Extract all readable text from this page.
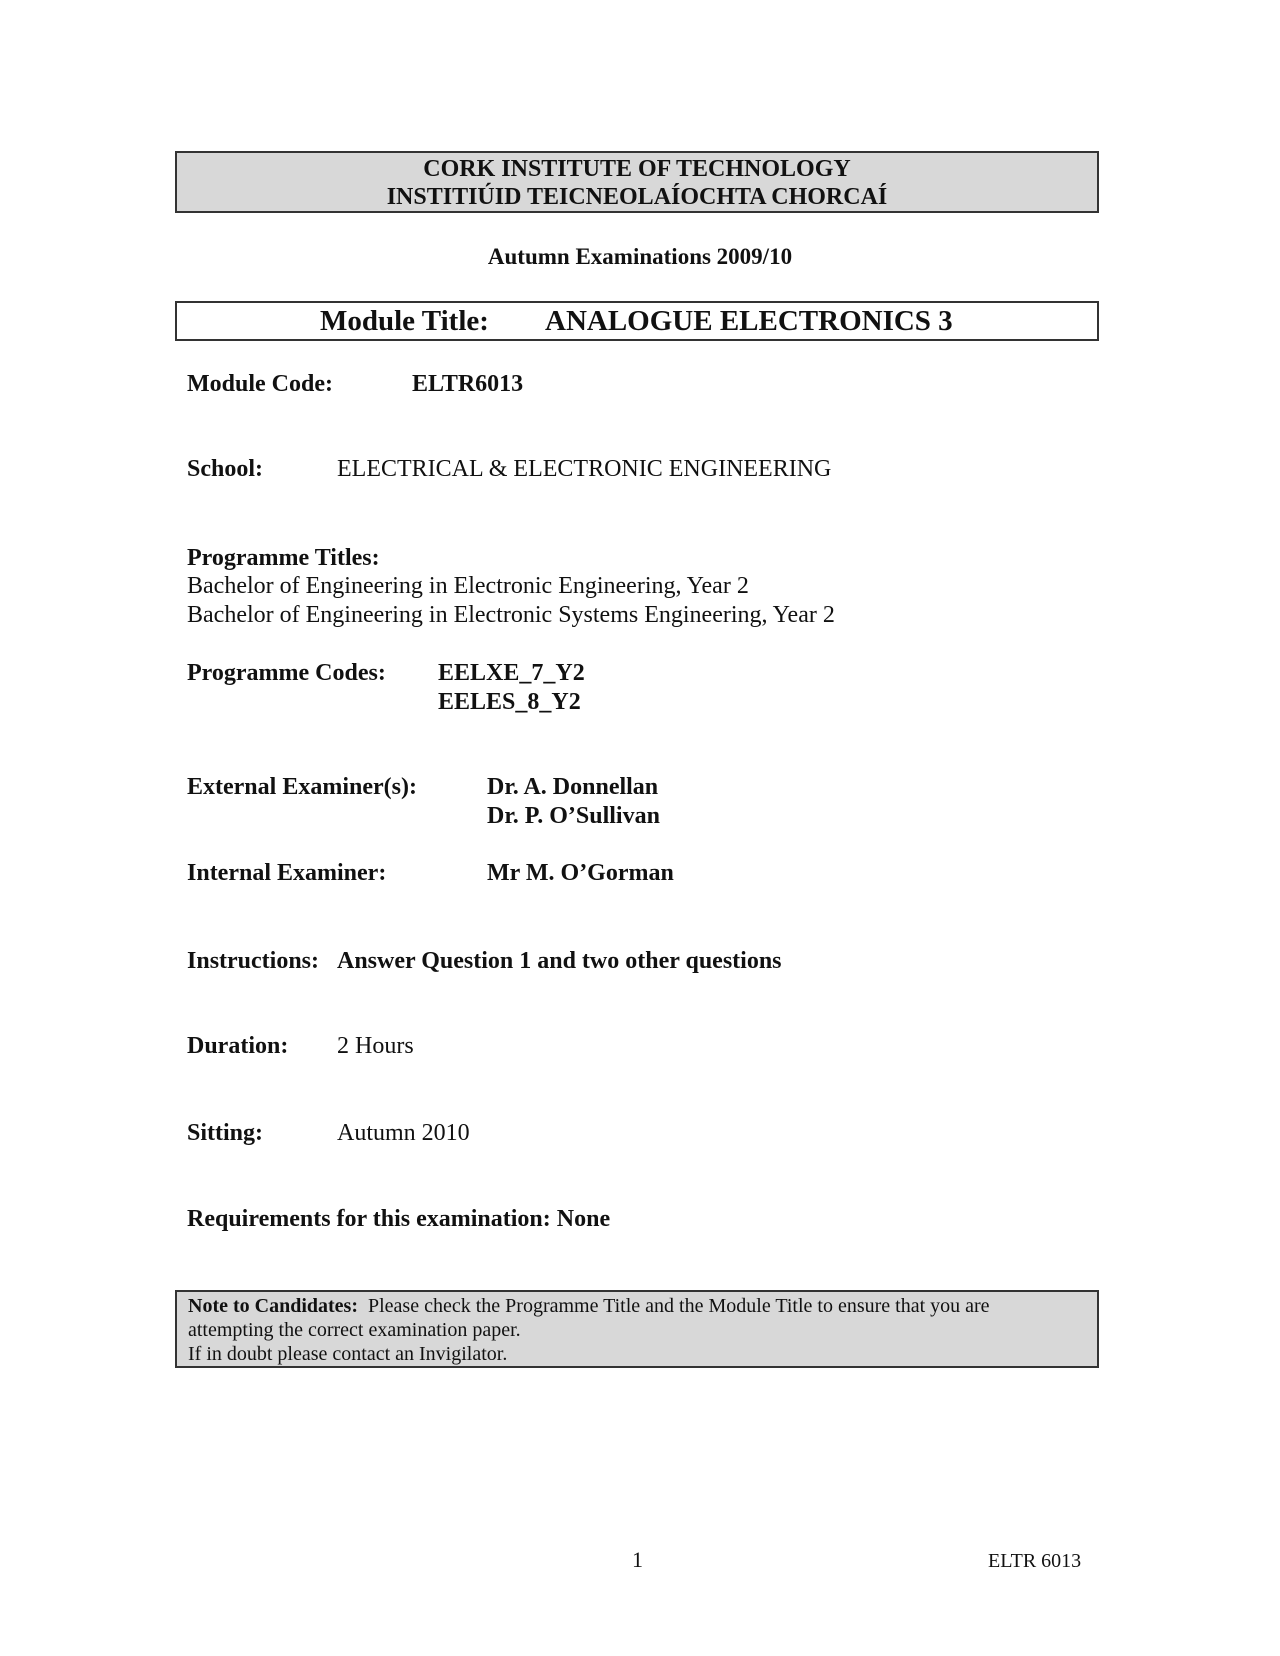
CORK INSTITUTE OF TECHNOLOGY
INSTITIÚID TEICNEOLAÍOCHTA CHORCAÍ
Autumn Examinations 2009/10
Module Title: ANALOGUE ELECTRONICS 3
Module Code:	ELTR6013
School:	ELECTRICAL & ELECTRONIC ENGINEERING
Programme Titles:
Bachelor of Engineering in Electronic Engineering, Year 2
Bachelor of Engineering in Electronic Systems Engineering, Year 2
Programme Codes: EELXE_7_Y2
EELES_8_Y2
External Examiner(s):	Dr. A. Donnellan
Dr. P. O’Sullivan
Internal Examiner:	Mr M. O’Gorman
Instructions: Answer Question 1 and two other questions
Duration: 2 Hours
Sitting:	Autumn 2010
Requirements for this examination: None
Note to Candidates: Please check the Programme Title and the Module Title to ensure that you are
attempting the correct examination paper.
If in doubt please contact an Invigilator.
1	ELTR 6013
